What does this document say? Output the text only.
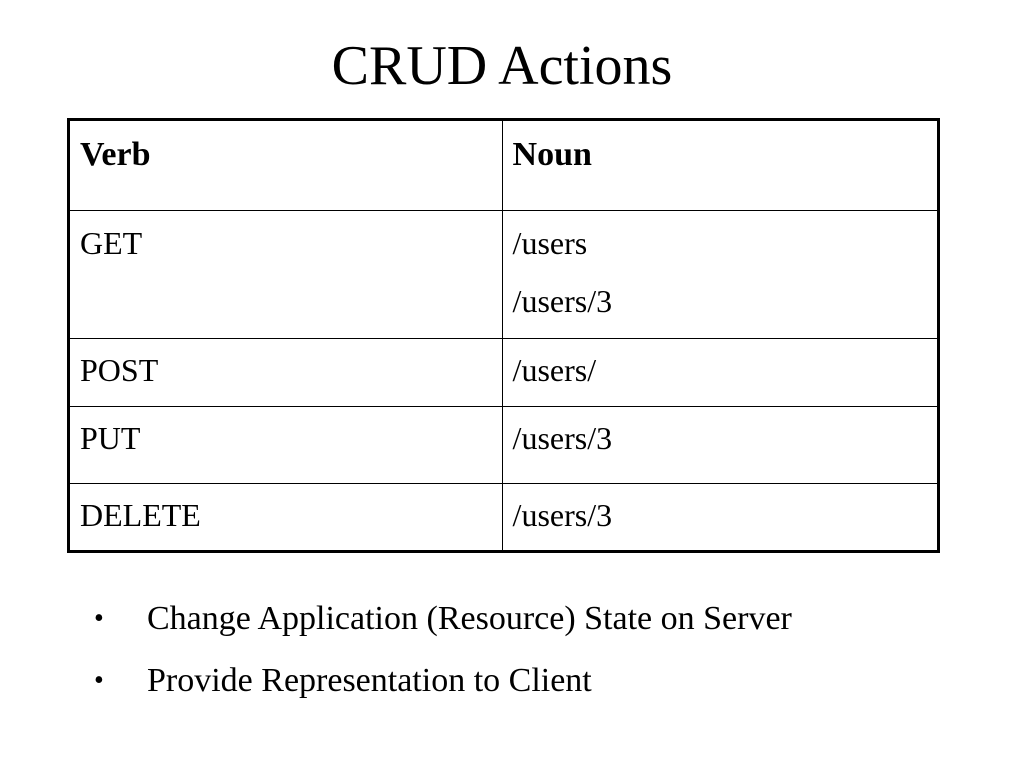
CRUD Actions
Verb	Noun
GET	/users
/users/3

POST	/users/

PUT	/users/3

DELETE	/users/3
• Change Application (Resource) State on Server
• Provide Representation to Client
